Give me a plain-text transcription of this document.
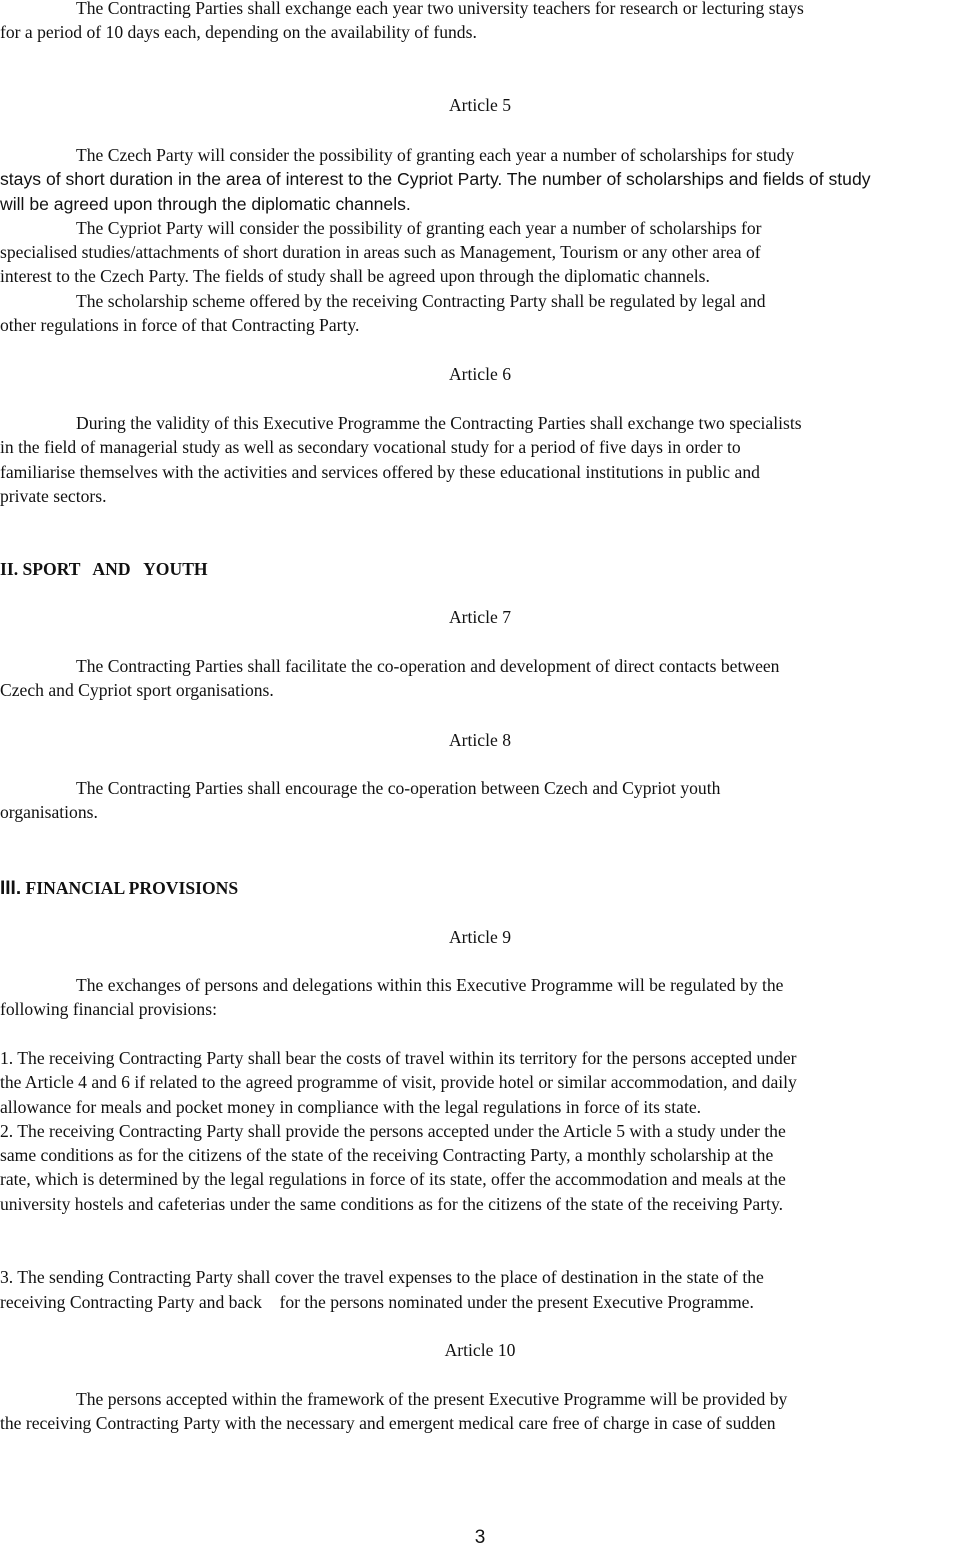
The Contracting Parties shall exchange each year two university teachers for research or lecturing stays
for a period of 10 days each, depending on the availability of funds.
Article 5
The Czech Party will consider the possibility of granting each year a number of scholarships for study
stays of short duration in the area of interest to the Cypriot Party. The number of scholarships and fields of study
will be agreed upon through the diplomatic channels.
The Cypriot Party will consider the possibility of granting each year a number of scholarships for
specialised studies/attachments of short duration in areas such as Management, Tourism or any other area of
interest to the Czech Party. The fields of study shall be agreed upon through the diplomatic channels.
The scholarship scheme offered by the receiving Contracting Party shall be regulated by legal and
other regulations in force of that Contracting Party.
Article 6
During the validity of this Executive Programme the Contracting Parties shall exchange two specialists
in the field of managerial study as well as secondary vocational study for a period of five days in order to
familiarise themselves with the activities and services offered by these educational institutions in public and
private sectors.
II. SPORT   AND   YOUTH
Article 7
The Contracting Parties shall facilitate the co-operation and development of direct contacts between
Czech and Cypriot sport organisations.
Article 8
The Contracting Parties shall encourage the co-operation between Czech and Cypriot youth
organisations.
III. FINANCIAL PROVISIONS
Article 9
The exchanges of persons and delegations within this Executive Programme will be regulated by the
following financial provisions:
1. The receiving Contracting Party shall bear the costs of travel within its territory for the persons accepted under
the Article 4 and 6 if related to the agreed programme of visit, provide hotel or similar accommodation, and daily
allowance for meals and pocket money in compliance with the legal regulations in force of its state.
2. The receiving Contracting Party shall provide the persons accepted under the Article 5 with a study under the
same conditions as for the citizens of the state of the receiving Contracting Party, a monthly scholarship at the
rate, which is determined by the legal regulations in force of its state, offer the accommodation and meals at the
university hostels and cafeterias under the same conditions as for the citizens of the state of the receiving Party.
3. The sending Contracting Party shall cover the travel expenses to the place of destination in the state of the
receiving Contracting Party and back    for the persons nominated under the present Executive Programme.
Article 10
The persons accepted within the framework of the present Executive Programme will be provided by
the receiving Contracting Party with the necessary and emergent medical care free of charge in case of sudden
3
